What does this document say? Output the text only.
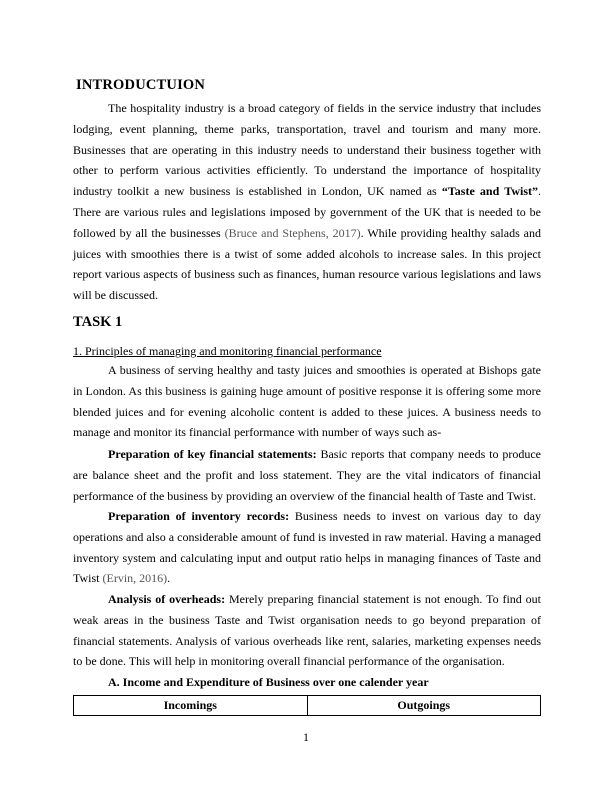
INTRODUCTUION
The hospitality industry is a broad category of fields in the service industry that includes lodging, event planning, theme parks, transportation, travel and tourism and many more. Businesses that are operating in this industry needs to understand their business together with other to perform various activities efficiently. To understand the importance of hospitality industry toolkit a new business is established in London, UK named as “Taste and Twist”. There are various rules and legislations imposed by government of the UK that is needed to be followed by all the businesses (Bruce and Stephens, 2017). While providing healthy salads and juices with smoothies there is a twist of some added alcohols to increase sales. In this project report various aspects of business such as finances, human resource various legislations and laws will be discussed.
TASK 1
1. Principles of managing and monitoring financial performance
A business of serving healthy and tasty juices and smoothies is operated at Bishops gate in London. As this business is gaining huge amount of positive response it is offering some more blended juices and for evening alcoholic content is added to these juices. A business needs to manage and monitor its financial performance with number of ways such as-
Preparation of key financial statements: Basic reports that company needs to produce are balance sheet and the profit and loss statement. They are the vital indicators of financial performance of the business by providing an overview of the financial health of Taste and Twist.
Preparation of inventory records: Business needs to invest on various day to day operations and also a considerable amount of fund is invested in raw material. Having a managed inventory system and calculating input and output ratio helps in managing finances of Taste and Twist (Ervin, 2016).
Analysis of overheads: Merely preparing financial statement is not enough. To find out weak areas in the business Taste and Twist organisation needs to go beyond preparation of financial statements. Analysis of various overheads like rent, salaries, marketing expenses needs to be done. This will help in monitoring overall financial performance of the organisation.
A. Income and Expenditure of Business over one calender year
Incomings	Outgoings
1
